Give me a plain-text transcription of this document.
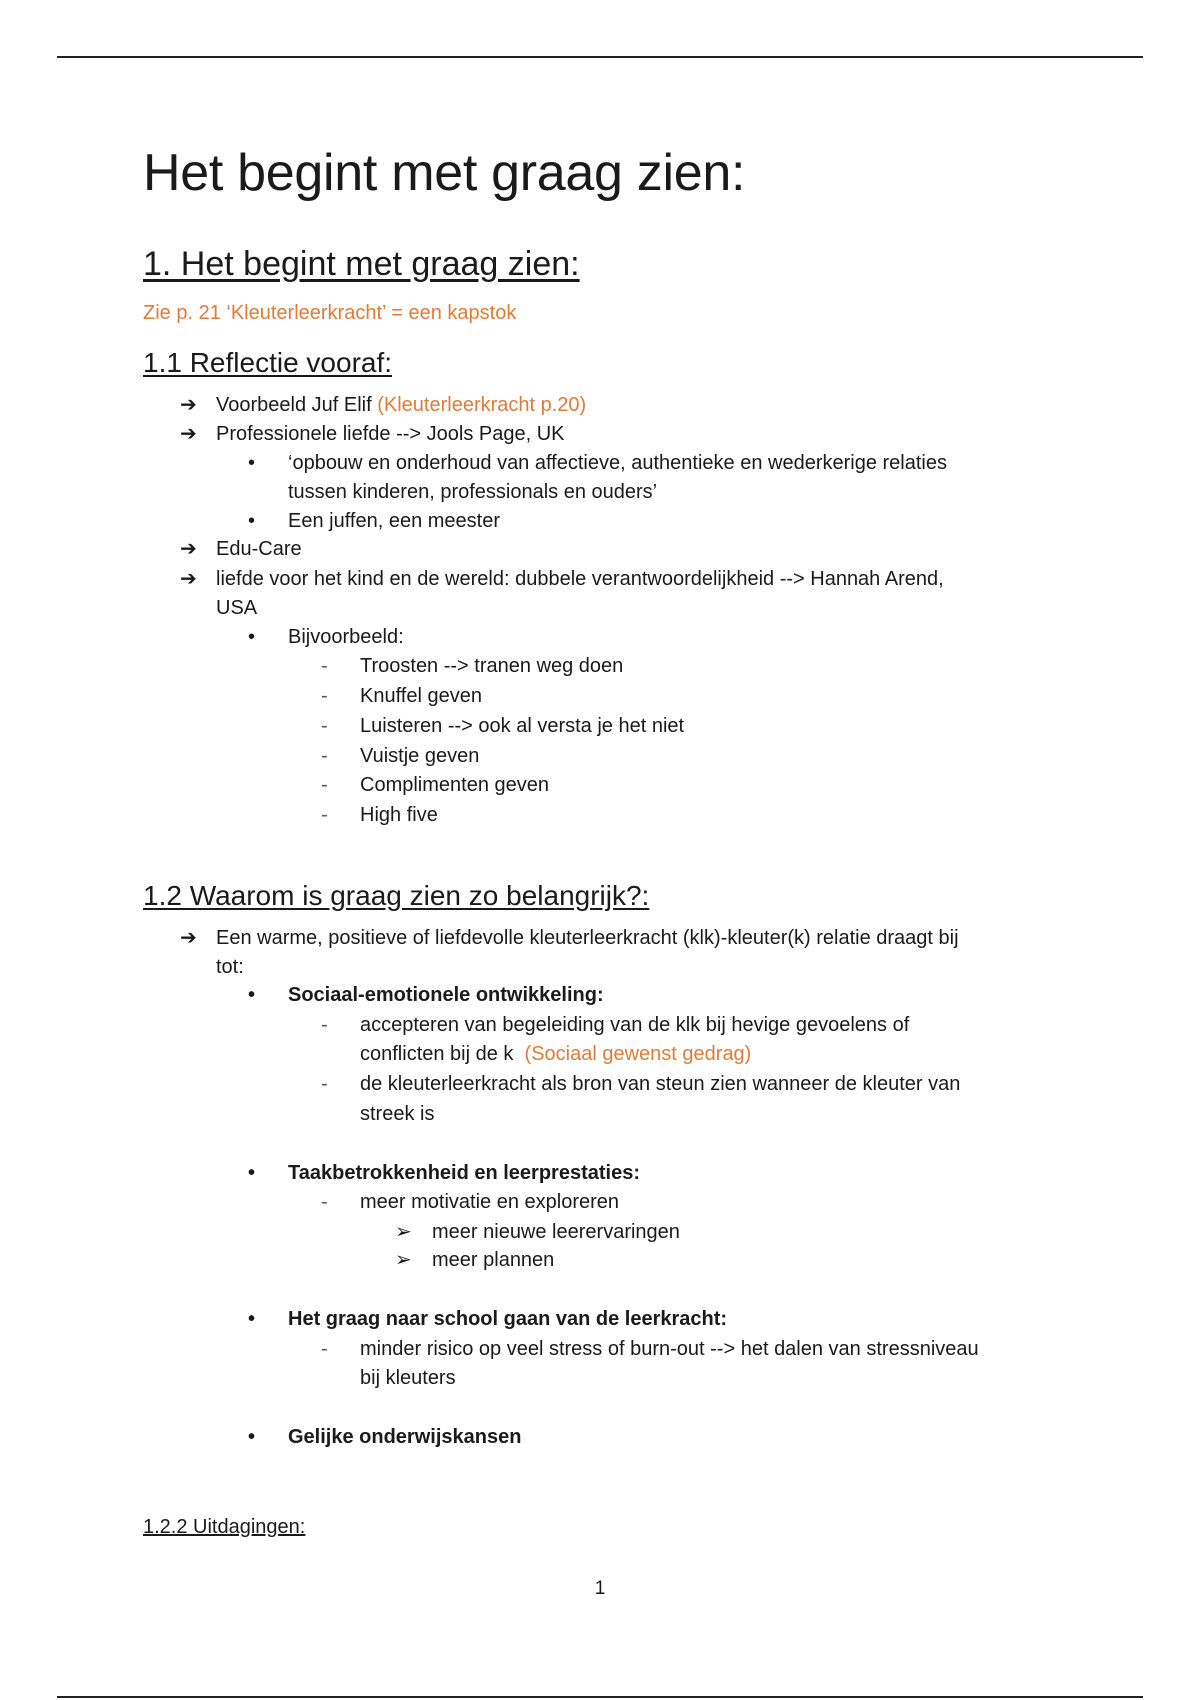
Het begint met graag zien:
1. Het begint met graag zien:
Zie p. 21 ‘Kleuterleerkracht’ = een kapstok
1.1 Reflectie vooraf:
➔ Voorbeeld Juf Elif (Kleuterleerkracht p.20)
➔ Professionele liefde --> Jools Page, UK
• ‘opbouw en onderhoud van affectieve, authentieke en wederkerige relaties
tussen kinderen, professionals en ouders’
• Een juffen, een meester
➔ Edu-Care
➔ liefde voor het kind en de wereld: dubbele verantwoordelijkheid --> Hannah Arend,
USA
• Bijvoorbeeld:
- Troosten --> tranen weg doen
- Knuffel geven
- Luisteren --> ook al versta je het niet
- Vuistje geven
- Complimenten geven
- High five
1.2 Waarom is graag zien zo belangrijk?:
➔ Een warme, positieve of liefdevolle kleuterleerkracht (klk)-kleuter(k) relatie draagt bij
tot:
• Sociaal-emotionele ontwikkeling:
- accepteren van begeleiding van de klk bij hevige gevoelens of
conflicten bij de k (Sociaal gewenst gedrag)
- de kleuterleerkracht als bron van steun zien wanneer de kleuter van
streek is
• Taakbetrokkenheid en leerprestaties:
- meer motivatie en exploreren
➢ meer nieuwe leerervaringen
➢ meer plannen
• Het graag naar school gaan van de leerkracht:
- minder risico op veel stress of burn-out --> het dalen van stressniveau
bij kleuters
• Gelijke onderwijskansen
1.2.2 Uitdagingen:
1
